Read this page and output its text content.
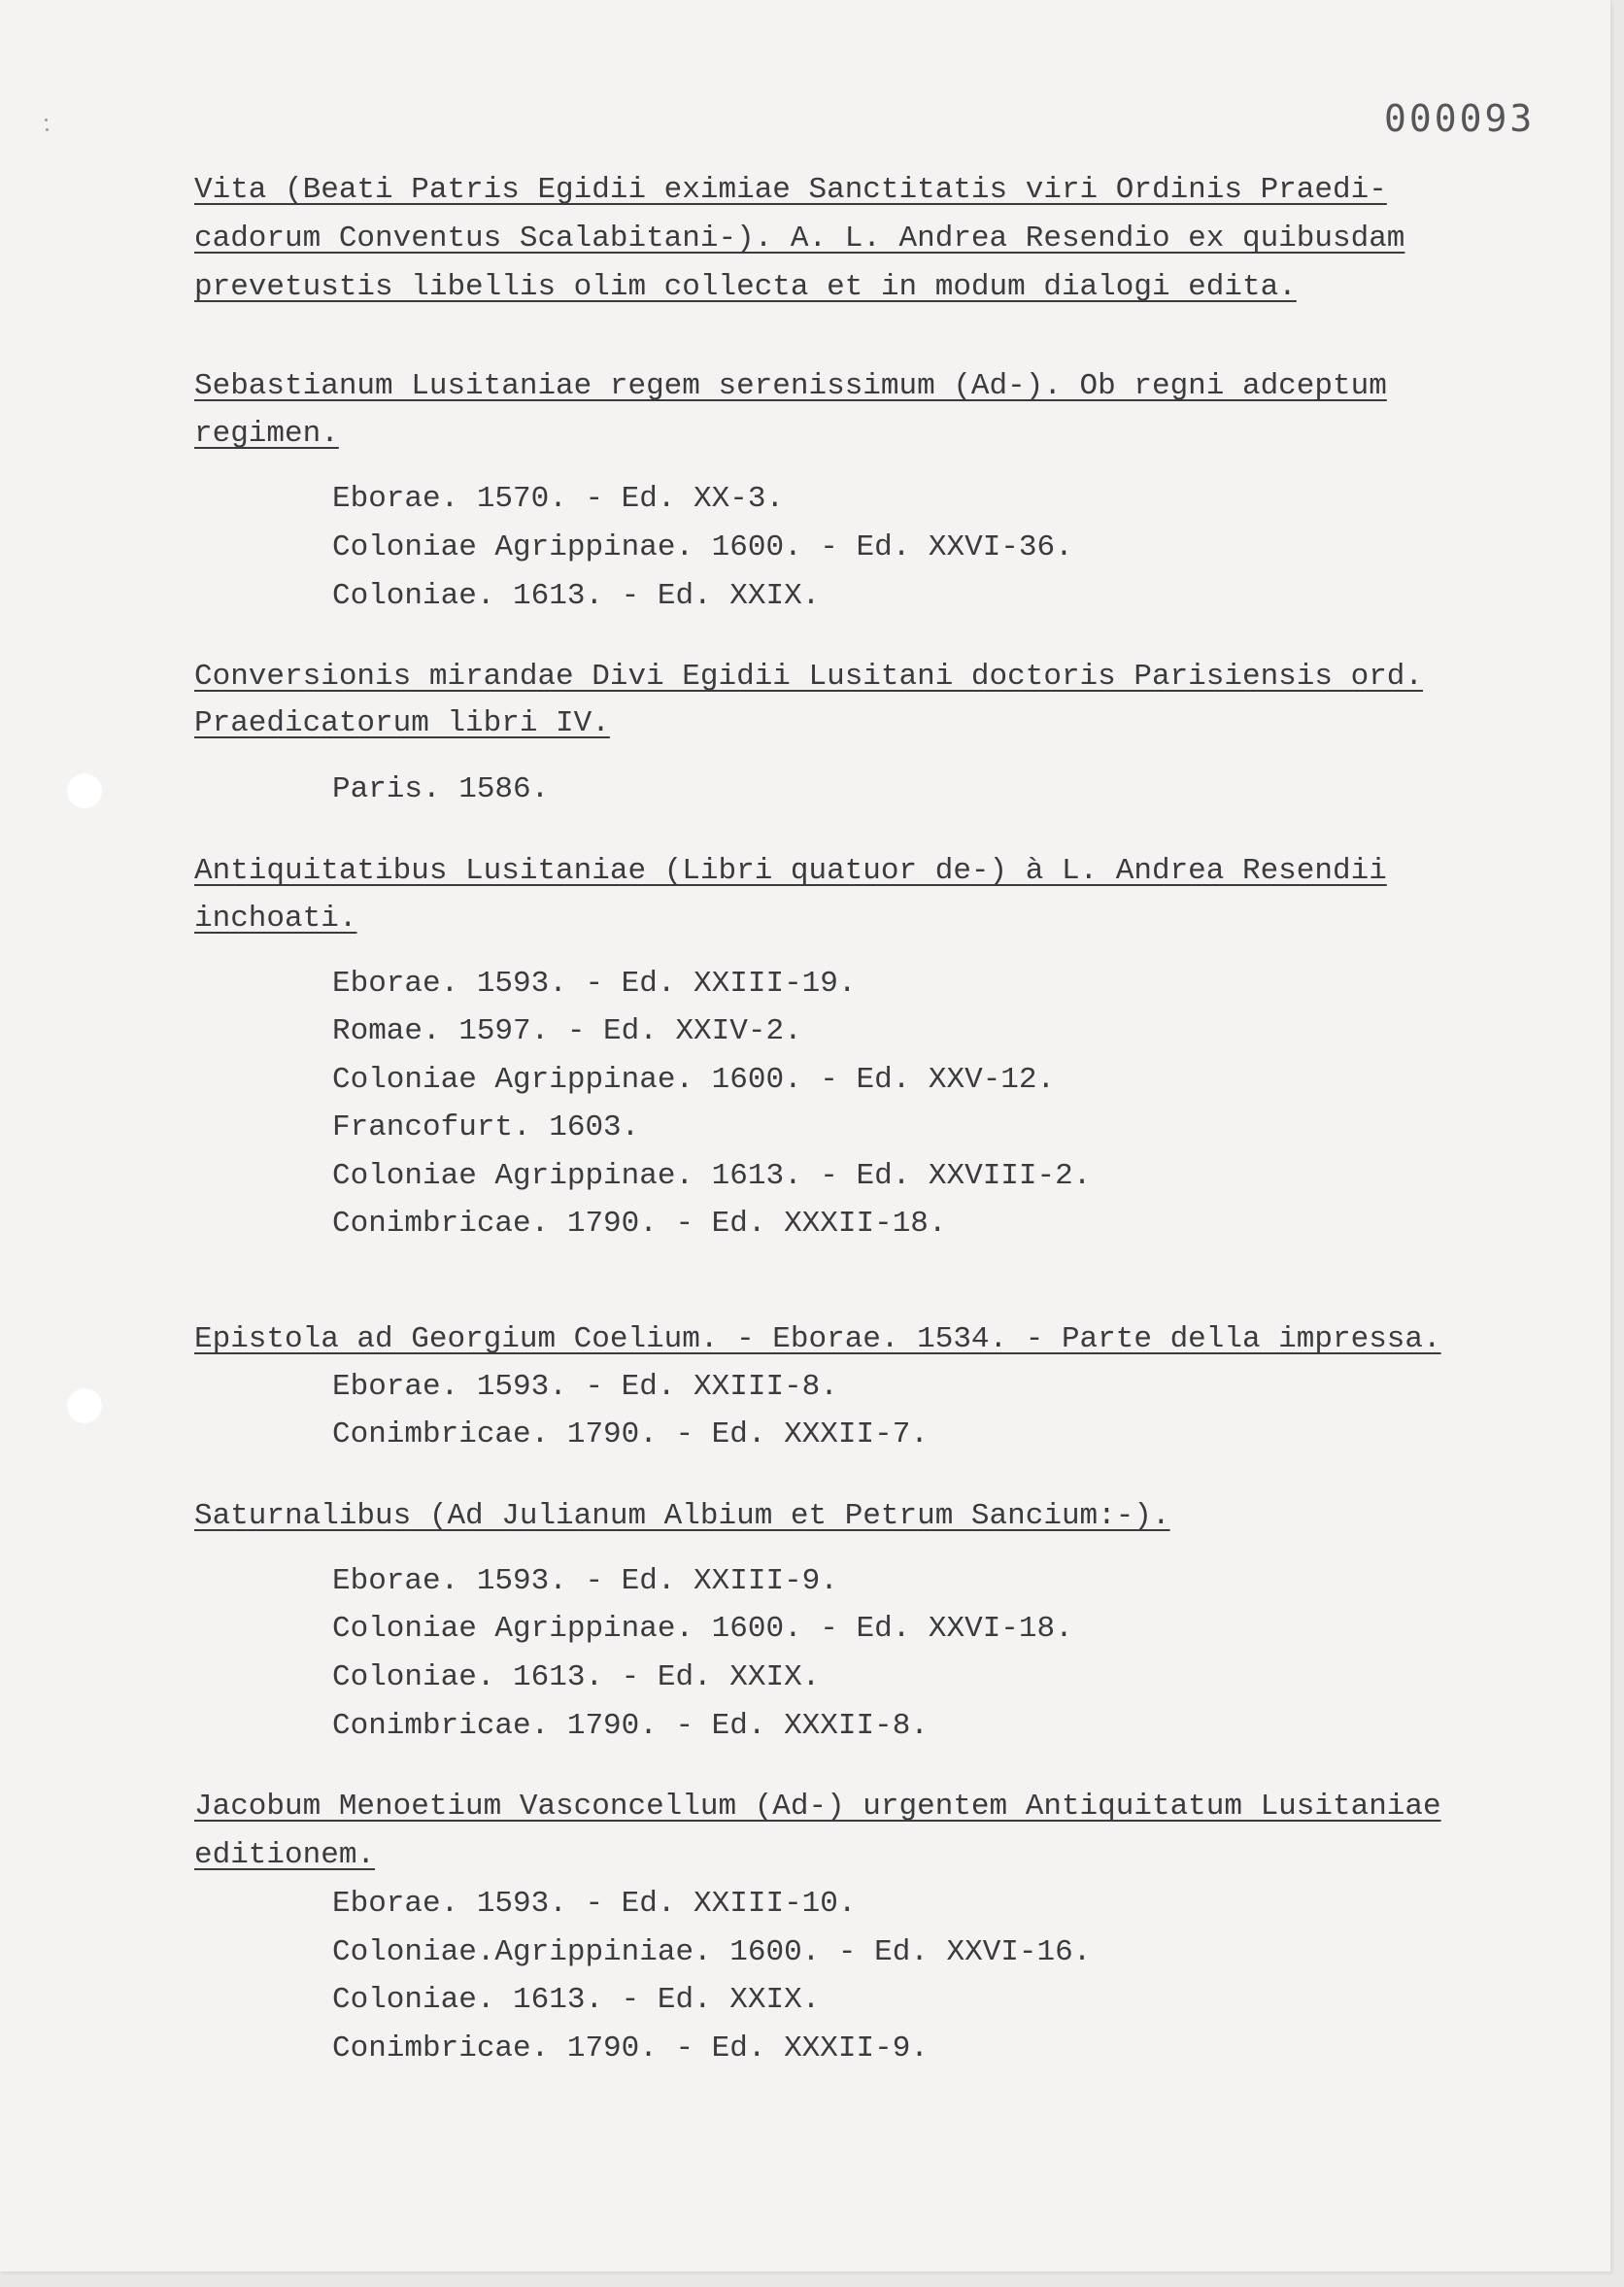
000093
Vita (Beati Patris Egidii eximiae Sanctitatis viri Ordinis Praedi-
cadorum Conventus Scalabitani-). A. L. Andrea Resendio ex quibusdam
prevetustis libellis olim collecta et in modum dialogi edita.
Sebastianum Lusitaniae regem serenissimum (Ad-). Ob regni adceptum
regimen.
Eborae. 1570. - Ed. XX-3.
Coloniae Agrippinae. 1600. - Ed. XXVI-36.
Coloniae. 1613. - Ed. XXIX.
Conversionis mirandae Divi Egidii Lusitani doctoris Parisiensis ord.
Praedicatorum libri IV.
Paris. 1586.
Antiquitatibus Lusitaniae (Libri quatuor de-) à L. Andrea Resendii
inchoati.
Eborae. 1593. - Ed. XXIII-19.
Romae. 1597. - Ed. XXIV-2.
Coloniae Agrippinae. 1600. - Ed. XXV-12.
Francofurt. 1603.
Coloniae Agrippinae. 1613. - Ed. XXVIII-2.
Conimbricae. 1790. - Ed. XXXII-18.
Epistola ad Georgium Coelium. - Eborae. 1534. - Parte della impressa.
Eborae. 1593. - Ed. XXIII-8.
Conimbricae. 1790. - Ed. XXXII-7.
Saturnalibus (Ad Julianum Albium et Petrum Sancium:-).
Eborae. 1593. - Ed. XXIII-9.
Coloniae Agrippinae. 1600. - Ed. XXVI-18.
Coloniae. 1613. - Ed. XXIX.
Conimbricae. 1790. - Ed. XXXII-8.
Jacobum Menoetium Vasconcellum (Ad-) urgentem Antiquitatum Lusitaniae
editionem.
Eborae. 1593. - Ed. XXIII-10.
Coloniae.Agrippiniae. 1600. - Ed. XXVI-16.
Coloniae. 1613. - Ed. XXIX.
Conimbricae. 1790. - Ed. XXXII-9.
